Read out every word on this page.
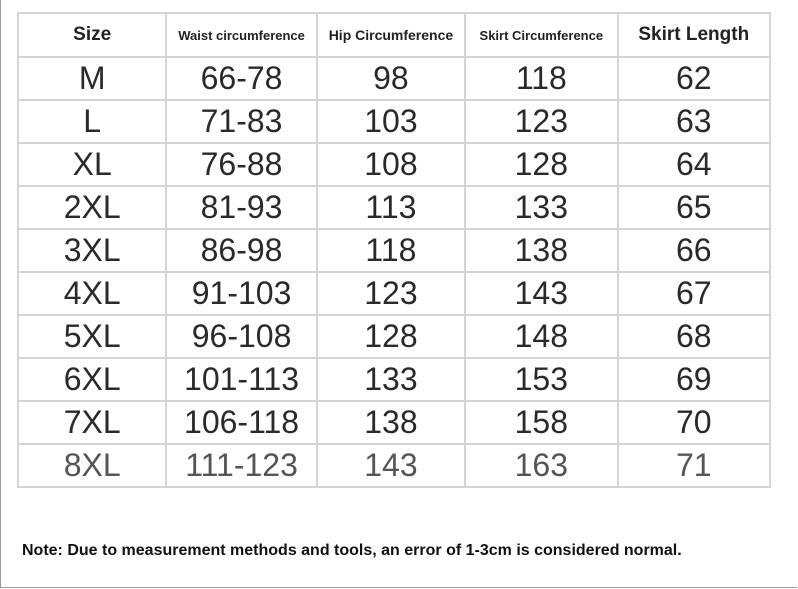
Size	Waist circumference	Hip Circumference	Skirt Circumference	Skirt Length
M	66-78	98	118	62
L	71-83	103	123	63
XL	76-88	108	128	64
2XL	81-93	113	133	65
3XL	86-98	118	138	66
4XL	91-103	123	143	67
5XL	96-108	128	148	68
6XL	101-113	133	153	69
7XL	106-118	138	158	70
8XL	111-123	143	163	71
Note: Due to measurement methods and tools, an error of 1-3cm is considered normal.
